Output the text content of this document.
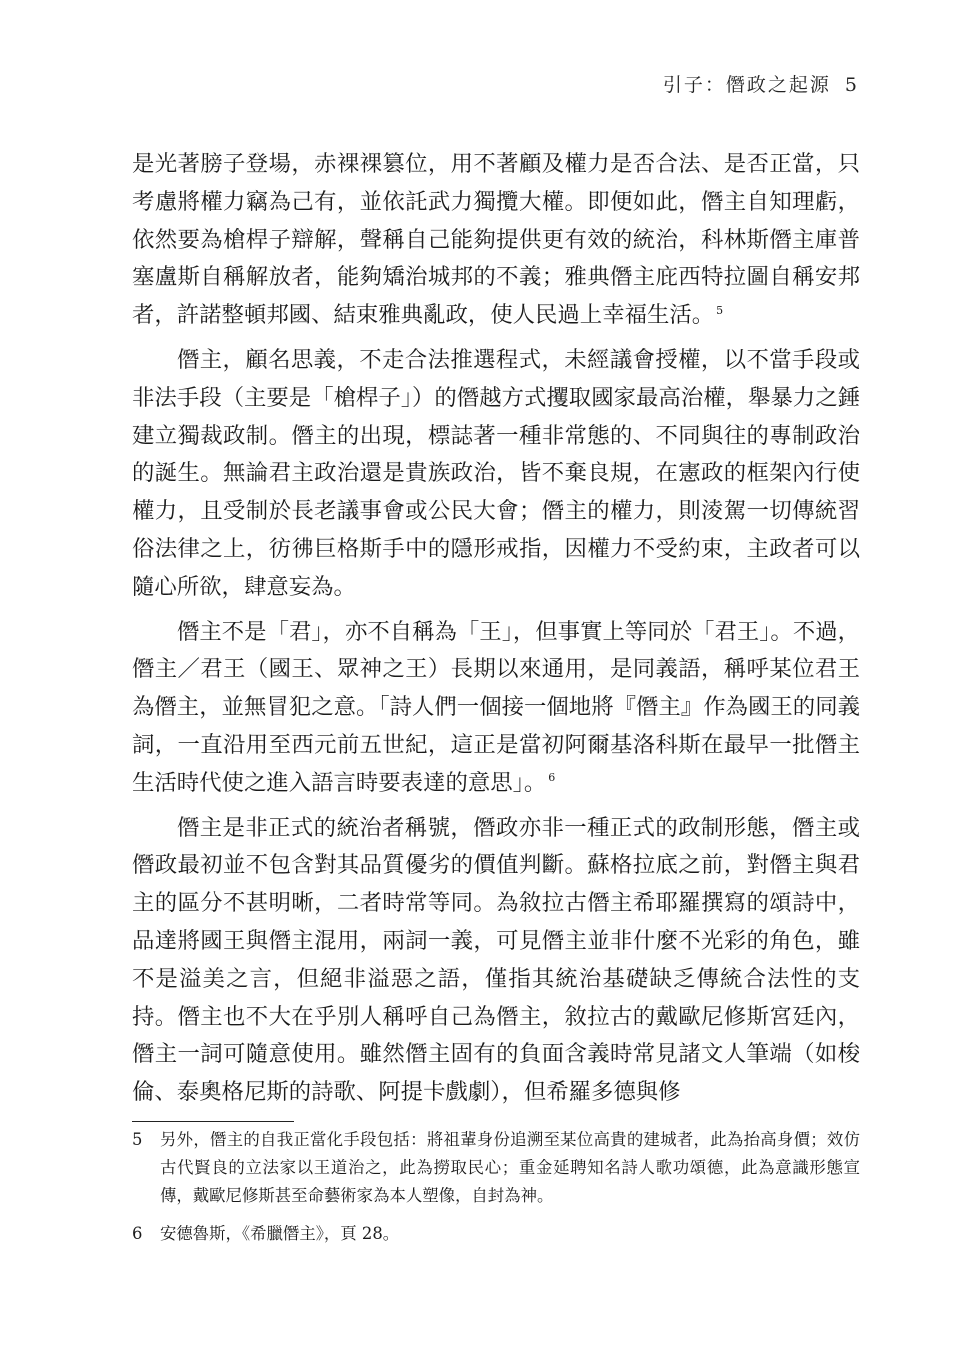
引子：僭政之起源 5

是光著膀子登場，赤裸裸篡位，用不著顧及權力是否合法、是否正當，只考慮將權力竊為己有，並依託武力獨攬大權。即便如此，僭主自知理虧，依然要為槍桿子辯解，聲稱自己能夠提供更有效的統治，科林斯僭主庫普塞盧斯自稱解放者，能夠矯治城邦的不義；雅典僭主庇西特拉圖自稱安邦者，許諾整頓邦國、結束雅典亂政，使人民過上幸福生活。 $^5$

僭主，顧名思義，不走合法推選程式，未經議會授權，以不當手段或非法手段（主要是「槍桿子」）的僭越方式攫取國家最高治權，舉暴力之錘建立獨裁政制。僭主的出現，標誌著一種非常態的、不同與往的專制政治的誕生。無論君主政治還是貴族政治，皆不棄良規，在憲政的框架內行使權力，且受制於長老議事會或公民大會；僭主的權力，則淩駕一切傳統習俗法律之上，彷彿巨格斯手中的隱形戒指，因權力不受約束，主政者可以隨心所欲，肆意妄為。

僭主不是「君」，亦不自稱為「王」，但事實上等同於「君王」。不過，僭主／君王（國王、眾神之王）長期以來通用，是同義語，稱呼某位君王為僭主，並無冒犯之意。「詩人們一個接一個地將『僭主』作為國王的同義詞，一直沿用至西元前五世紀，這正是當初阿爾基洛科斯在最早一批僭主生活時代使之進入語言時要表達的意思」。 $^6$

僭主是非正式的統治者稱號，僭政亦非一種正式的政制形態，僭主或僭政最初並不包含對其品質優劣的價值判斷。蘇格拉底之前，對僭主與君主的區分不甚明晰，二者時常等同。為敘拉古僭主希耶羅撰寫的頌詩中，品達將國王與僭主混用，兩詞一義，可見僭主並非什麼不光彩的角色，雖不是溢美之言，但絕非溢惡之語，僅指其統治基礎缺乏傳統合法性的支持。僭主也不大在乎別人稱呼自己為僭主，敘拉古的戴歐尼修斯宮廷內，僭主一詞可隨意使用。雖然僭主固有的負面含義時常見諸文人筆端（如梭倫、泰奧格尼斯的詩歌、阿提卡戲劇），但希羅多德與修

5	另外，僭主的自我正當化手段包括：將祖輩身份追溯至某位高貴的建城者，此為抬高身價；效仿古代賢良的立法家以王道治之，此為撈取民心；重金延聘知名詩人歌功頌德，此為意識形態宣傳，戴歐尼修斯甚至命藝術家為本人塑像，自封為神。
6	安德魯斯，《希臘僭主》，頁 28。
